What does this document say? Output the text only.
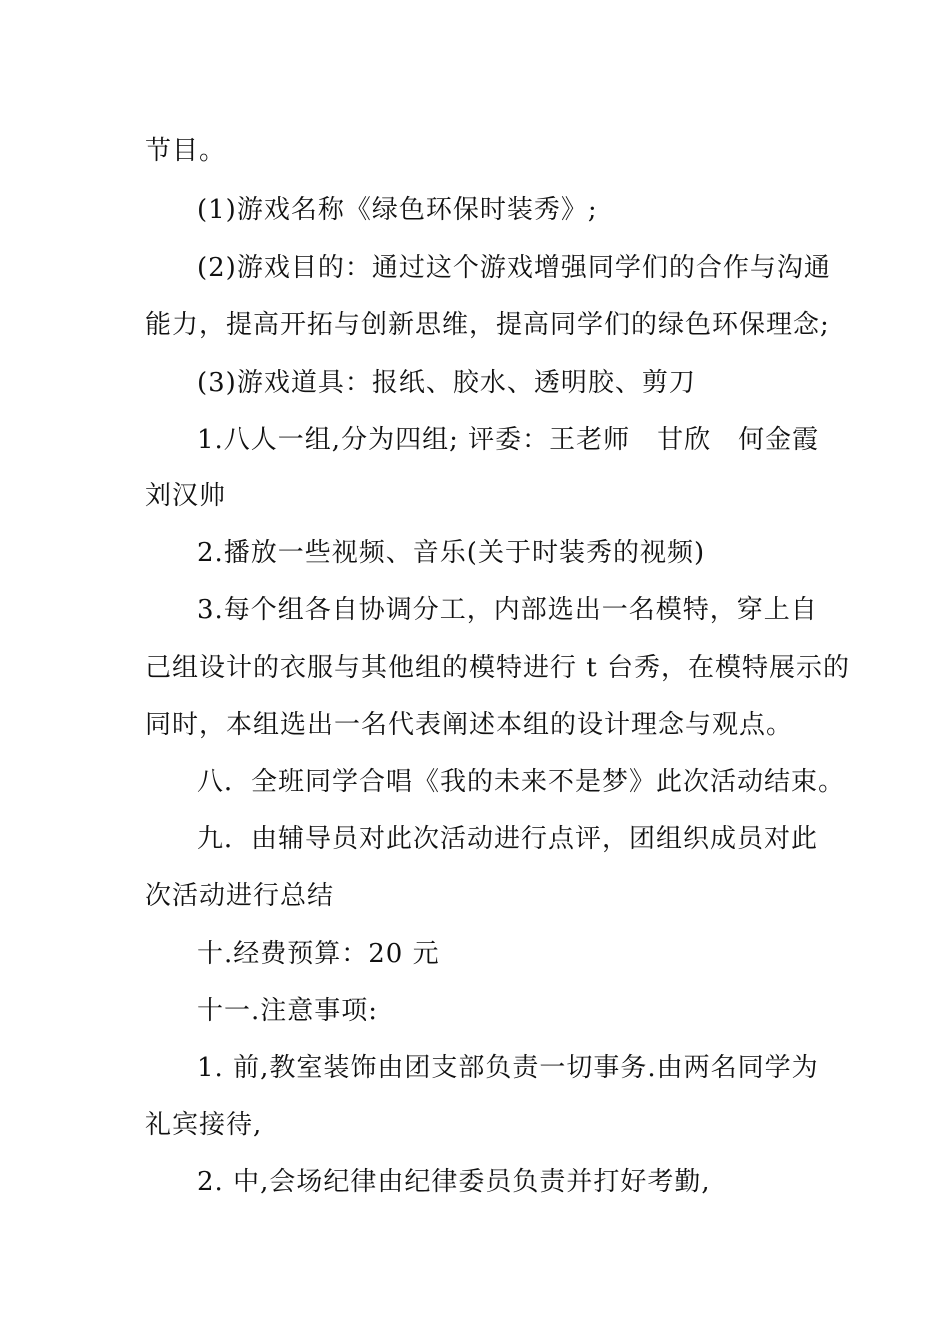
节目。
(1)游戏名称《绿色环保时装秀》;
(2)游戏目的：通过这个游戏增强同学们的合作与沟通
能力，提高开拓与创新思维，提高同学们的绿色环保理念;
(3)游戏道具：报纸、胶水、透明胶、剪刀
1.八人一组,分为四组; 评委：王老师　甘欣　何金霞
刘汉帅
2.播放一些视频、音乐(关于时装秀的视频)
3.每个组各自协调分工，内部选出一名模特，穿上自
己组设计的衣服与其他组的模特进行 t 台秀，在模特展示的
同时，本组选出一名代表阐述本组的设计理念与观点。
八．全班同学合唱《我的未来不是梦》此次活动结束。
九．由辅导员对此次活动进行点评，团组织成员对此
次活动进行总结
十.经费预算：20 元
十一.注意事项:
1. 前,教室装饰由团支部负责一切事务.由两名同学为
礼宾接待,
2. 中,会场纪律由纪律委员负责并打好考勤,
